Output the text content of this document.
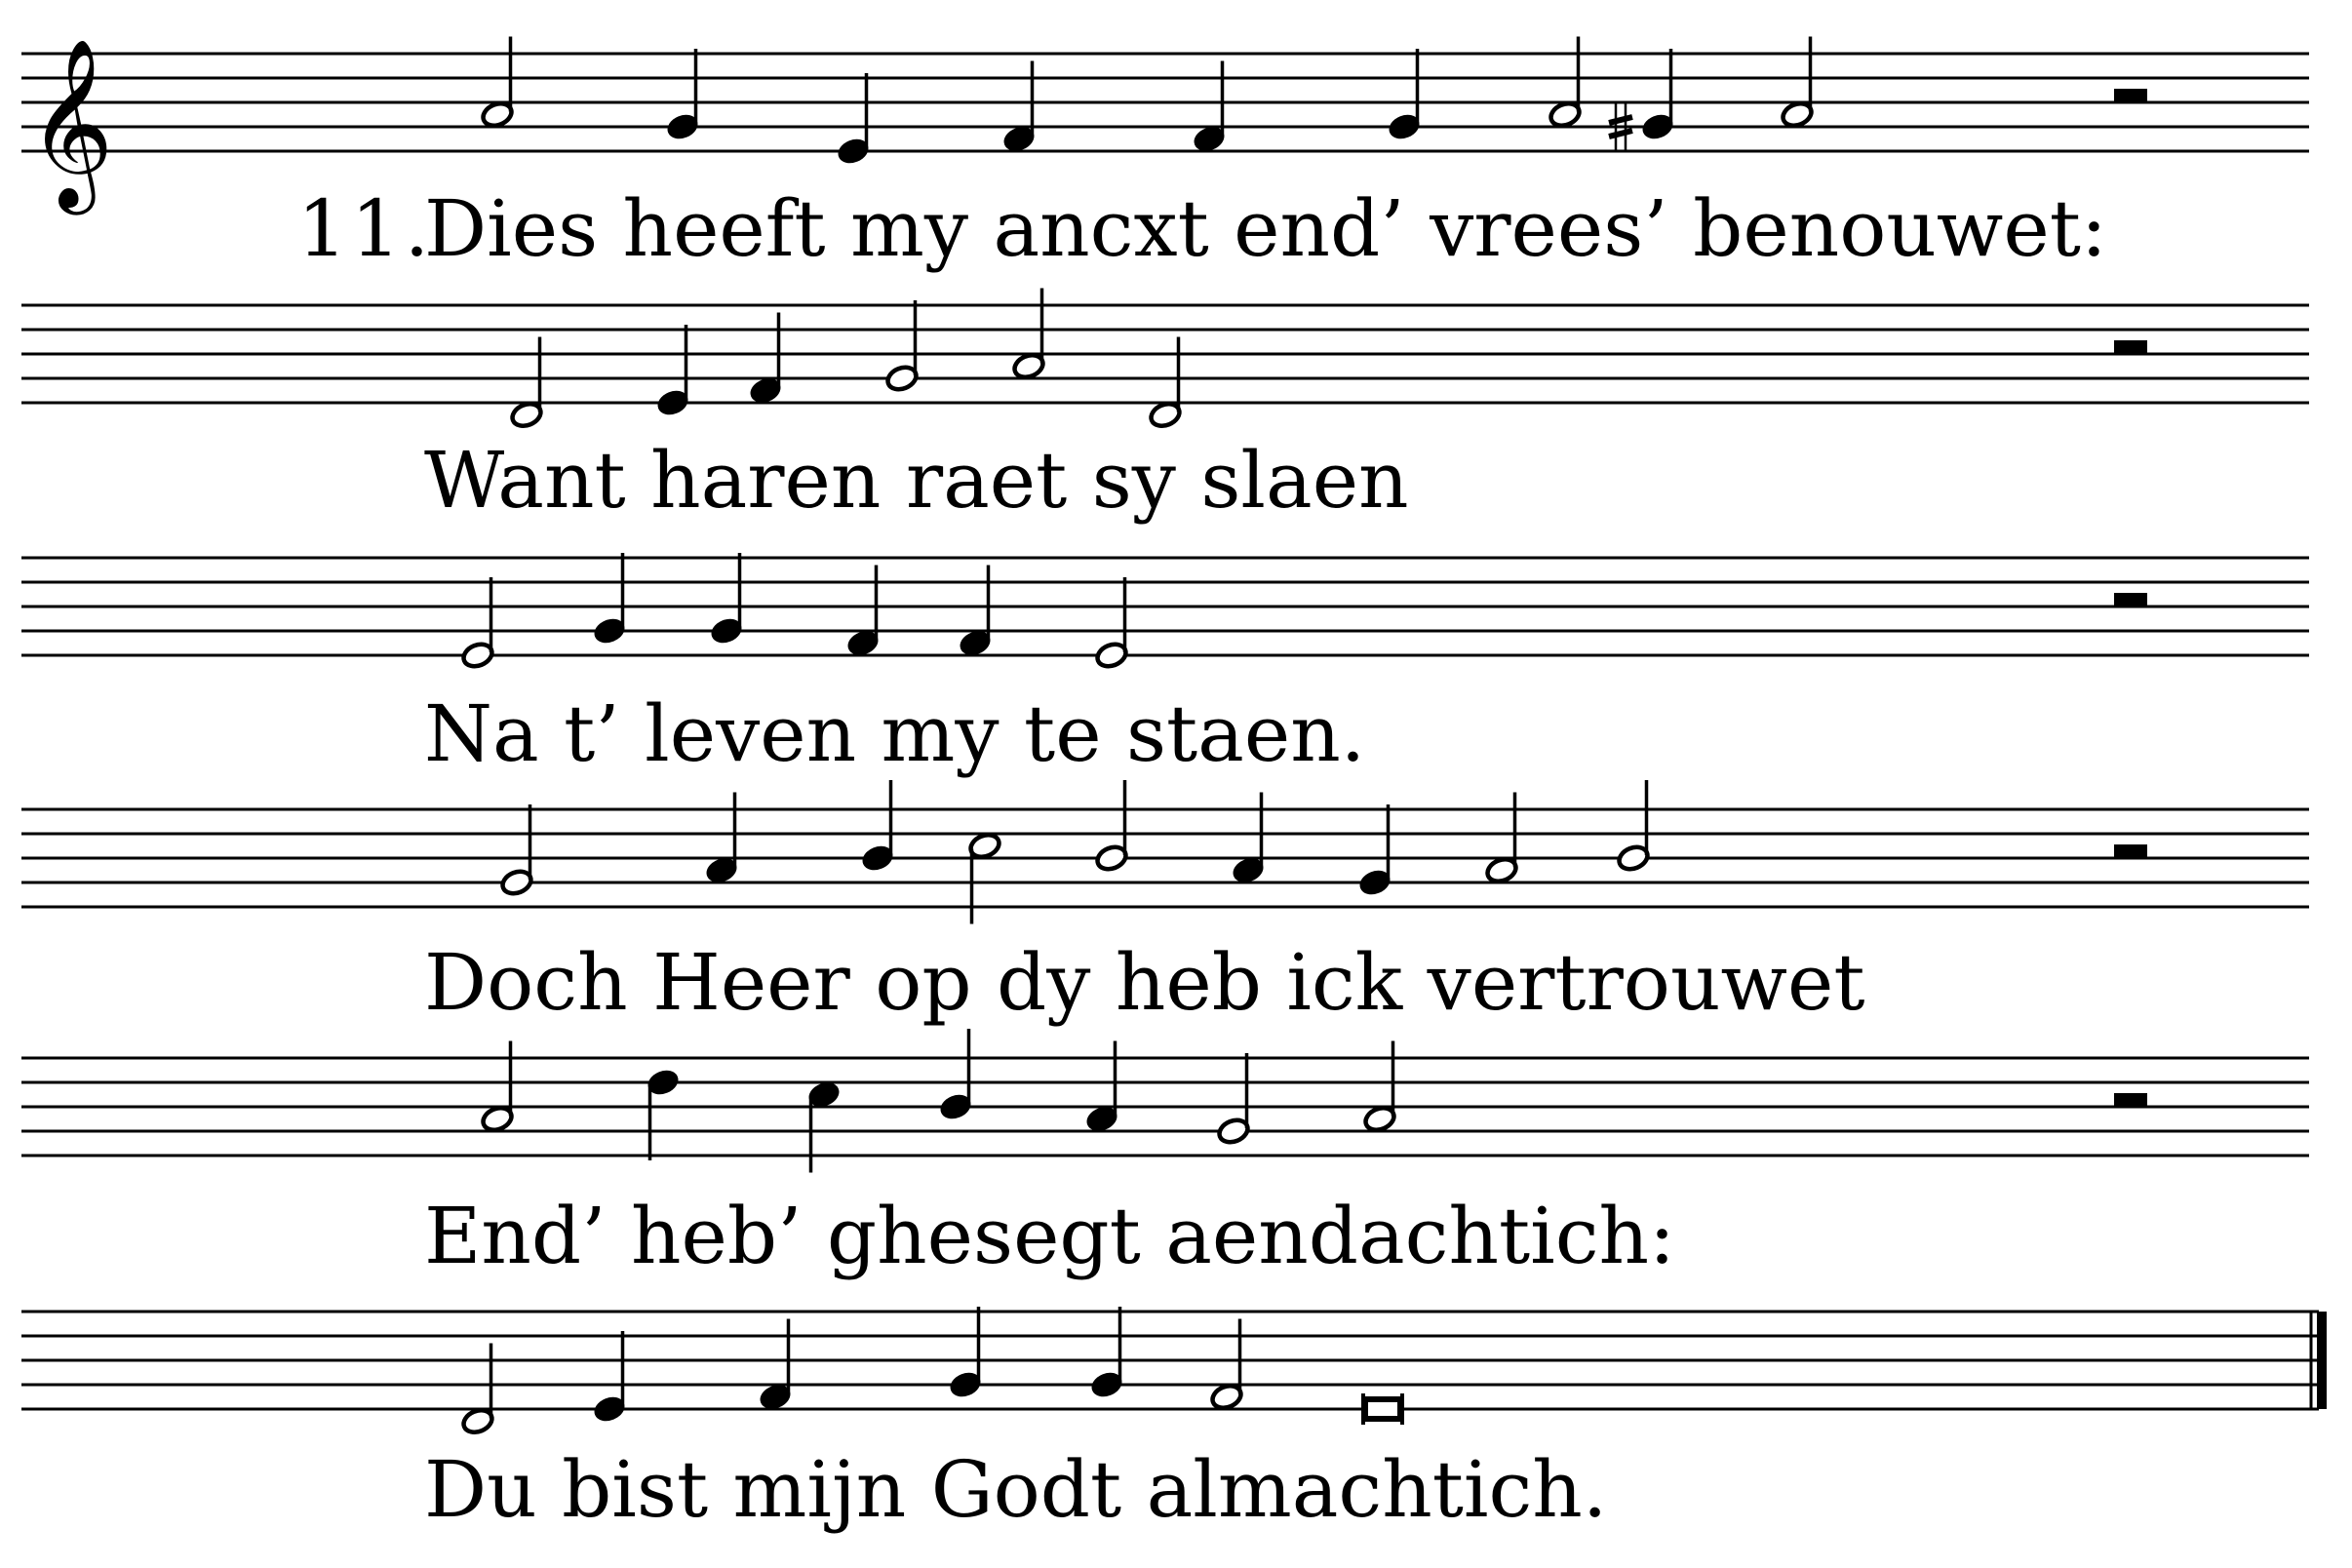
𝄞
11.
Dies heeft my ancxt end’ vrees’ benouwet:
Want haren raet sy slaen
Na t’ leven my te staen.
Doch Heer op dy heb ick vertrouwet
End’ heb’ ghesegt aendachtich:
Du bist mijn Godt almachtich.
